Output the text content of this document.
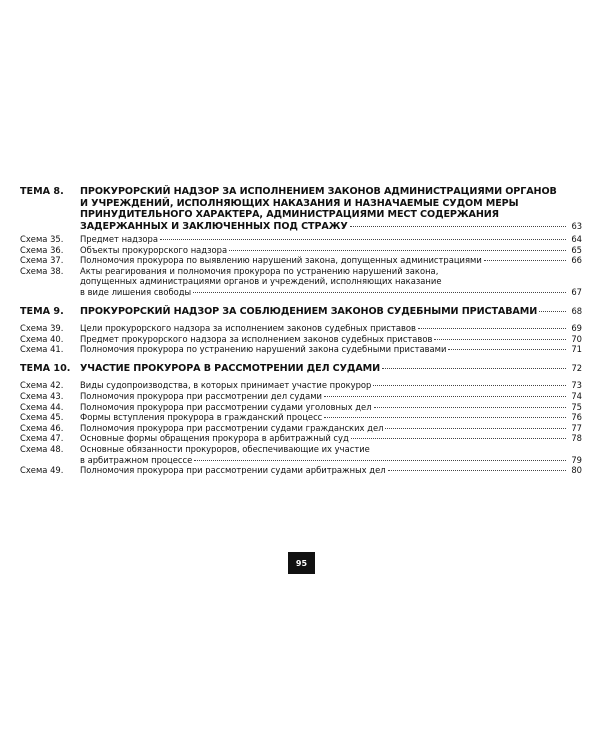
ТЕМА 8.	ПРОКУРОРСКИЙ НАДЗОР ЗА ИСПОЛНЕНИЕМ ЗАКОНОВ АДМИНИСТРАЦИЯМИ ОРГАНОВ
И УЧРЕЖДЕНИЙ, ИСПОЛНЯЮЩИХ НАКАЗАНИЯ И НАЗНАЧАЕМЫЕ СУДОМ МЕРЫ
ПРИНУДИТЕЛЬНОГО ХАРАКТЕРА, АДМИНИСТРАЦИЯМИ МЕСТ СОДЕРЖАНИЯ
ЗАДЕРЖАННЫХ И ЗАКЛЮЧЕННЫХ ПОД СТРАЖУ	63
Схема 35.	Предмет надзора	64
Схема 36.	Объекты прокурорского надзора	65
Схема 37.	Полномочия прокурора по выявлению нарушений закона, допущенных администрациями	66
Схема 38.	Акты реагирования и полномочия прокурора по устранению нарушений закона,
допущенных администрациями органов и учреждений, исполняющих наказание
в виде лишения свободы	67
ТЕМА 9.	ПРОКУРОРСКИЙ НАДЗОР ЗА СОБЛЮДЕНИЕМ ЗАКОНОВ СУДЕБНЫМИ ПРИСТАВАМИ	68
Схема 39.	Цели прокурорского надзора за исполнением законов судебных приставов	69
Схема 40.	Предмет прокурорского надзора за исполнением законов судебных приставов	70
Схема 41.	Полномочия прокурора по устранению нарушений закона судебными приставами	71
ТЕМА 10. УЧАСТИЕ ПРОКУРОРА В РАССМОТРЕНИИ ДЕЛ СУДАМИ	72
Схема 42.	Виды судопроизводства, в которых принимает участие прокурор	73
Схема 43.	Полномочия прокурора при рассмотрении дел судами	74
Схема 44.	Полномочия прокурора при рассмотрении судами уголовных дел	75
Схема 45.	Формы вступления прокурора в гражданский процесс	76
Схема 46.	Полномочия прокурора при рассмотрении судами гражданских дел	77
Схема 47.	Основные формы обращения прокурора в арбитражный суд	78
Схема 48.	Основные обязанности прокуроров, обеспечивающие их участие
в арбитражном процессе	79
Схема 49.	Полномочия прокурора при рассмотрении судами арбитражных дел	80
95
